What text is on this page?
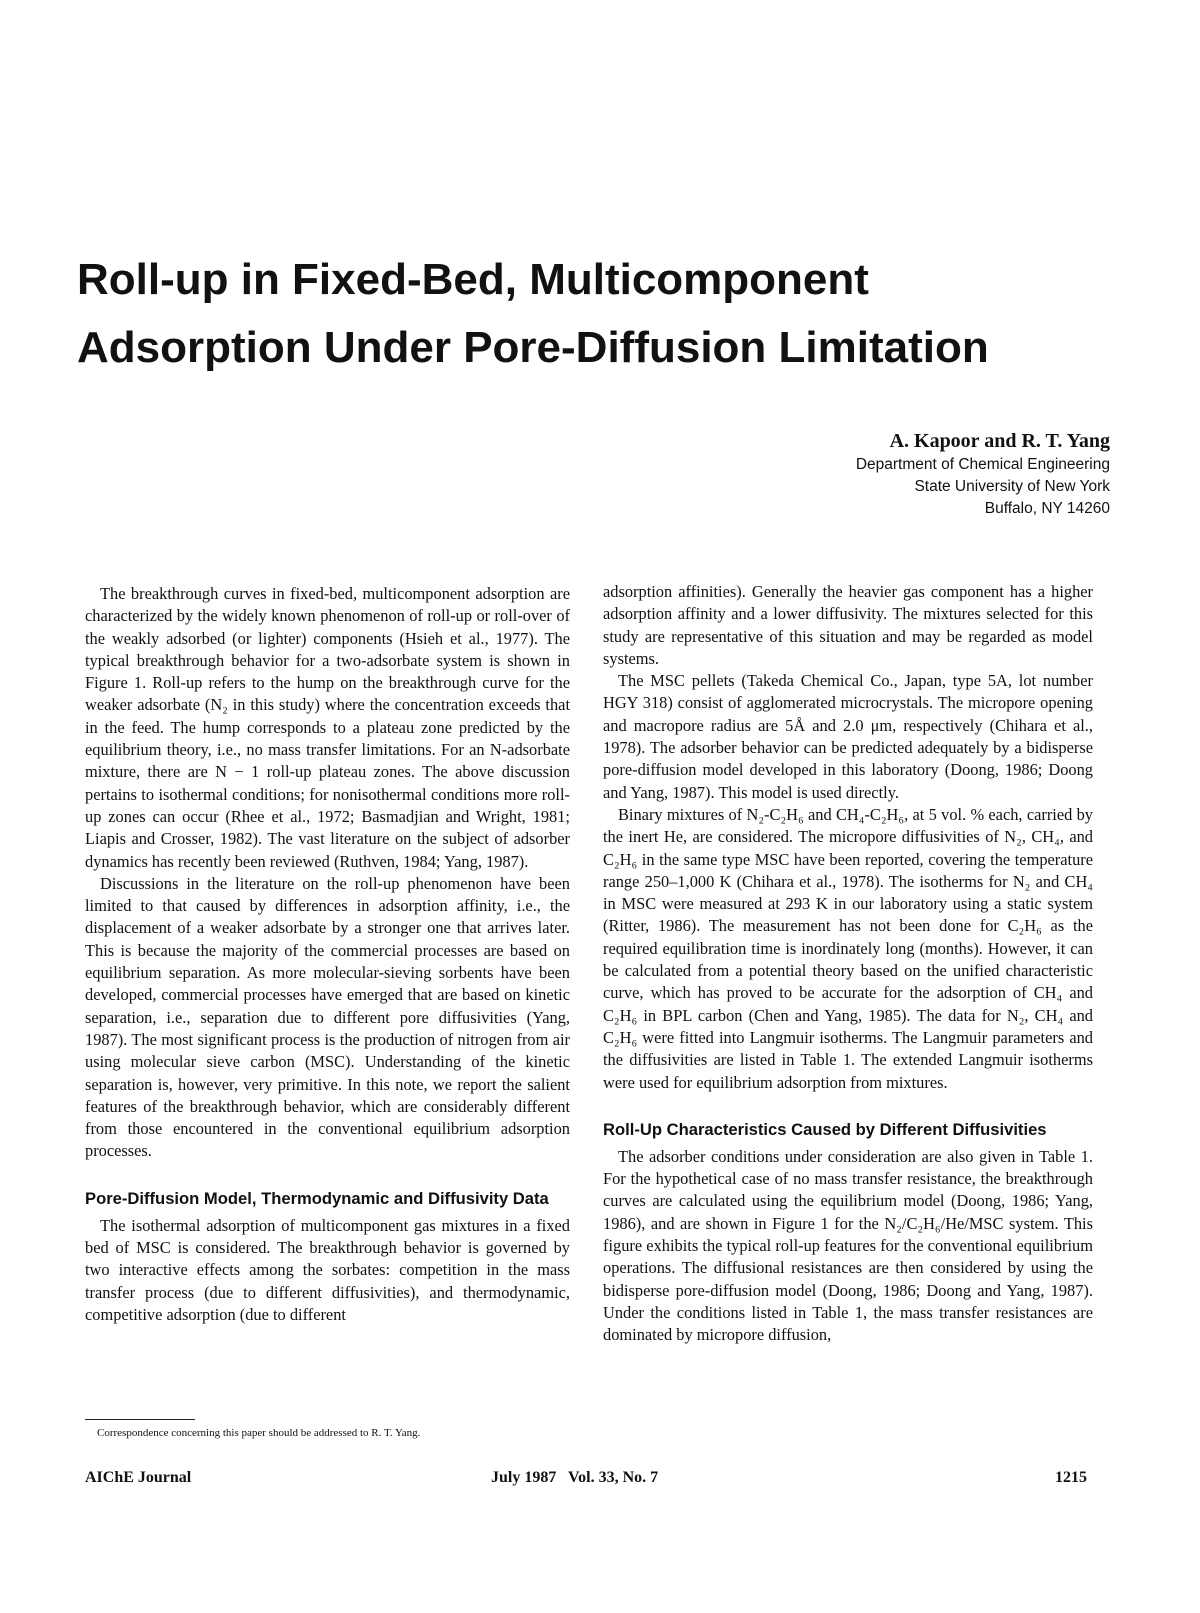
Roll-up in Fixed-Bed, Multicomponent
Adsorption Under Pore-Diffusion Limitation
A. Kapoor and R. T. Yang
Department of Chemical Engineering
State University of New York
Buffalo, NY 14260

The breakthrough curves in fixed-bed, multicomponent adsorption are characterized by the widely known phenomenon of roll-up or roll-over of the weakly adsorbed (or lighter) components (Hsieh et al., 1977). The typical breakthrough behavior for a two-adsorbate system is shown in Figure 1. Roll-up refers to the hump on the breakthrough curve for the weaker adsorbate (N₂ in this study) where the concentration exceeds that in the feed. The hump corresponds to a plateau zone predicted by the equilibrium theory, i.e., no mass transfer limitations. For an N-adsorbate mixture, there are N − 1 roll-up plateau zones. The above discussion pertains to isothermal conditions; for nonisothermal conditions more roll-up zones can occur (Rhee et al., 1972; Basmadjian and Wright, 1981; Liapis and Crosser, 1982). The vast literature on the subject of adsorber dynamics has recently been reviewed (Ruthven, 1984; Yang, 1987).

Discussions in the literature on the roll-up phenomenon have been limited to that caused by differences in adsorption affinity, i.e., the displacement of a weaker adsorbate by a stronger one that arrives later. This is because the majority of the commercial processes are based on equilibrium separation. As more molecular-sieving sorbents have been developed, commercial processes have emerged that are based on kinetic separation, i.e., separation due to different pore diffusivities (Yang, 1987). The most significant process is the production of nitrogen from air using molecular sieve carbon (MSC). Understanding of the kinetic separation is, however, very primitive. In this note, we report the salient features of the breakthrough behavior, which are considerably different from those encountered in the conventional equilibrium adsorption processes.

Pore-Diffusion Model, Thermodynamic and Diffusivity Data

The isothermal adsorption of multicomponent gas mixtures in a fixed bed of MSC is considered. The breakthrough behavior is governed by two interactive effects among the sorbates: competition in the mass transfer process (due to different diffusivities), and thermodynamic, competitive adsorption (due to different

adsorption affinities). Generally the heavier gas component has a higher adsorption affinity and a lower diffusivity. The mixtures selected for this study are representative of this situation and may be regarded as model systems.

The MSC pellets (Takeda Chemical Co., Japan, type 5A, lot number HGY 318) consist of agglomerated microcrystals. The micropore opening and macropore radius are 5Å and 2.0 μm, respectively (Chihara et al., 1978). The adsorber behavior can be predicted adequately by a bidisperse pore-diffusion model developed in this laboratory (Doong, 1986; Doong and Yang, 1987). This model is used directly.

Binary mixtures of N₂-C₂H₆ and CH₄-C₂H₆, at 5 vol. % each, carried by the inert He, are considered. The micropore diffusivities of N₂, CH₄, and C₂H₆ in the same type MSC have been reported, covering the temperature range 250–1,000 K (Chihara et al., 1978). The isotherms for N₂ and CH₄ in MSC were measured at 293 K in our laboratory using a static system (Ritter, 1986). The measurement has not been done for C₂H₆ as the required equilibration time is inordinately long (months). However, it can be calculated from a potential theory based on the unified characteristic curve, which has proved to be accurate for the adsorption of CH₄ and C₂H₆ in BPL carbon (Chen and Yang, 1985). The data for N₂, CH₄ and C₂H₆ were fitted into Langmuir isotherms. The Langmuir parameters and the diffusivities are listed in Table 1. The extended Langmuir isotherms were used for equilibrium adsorption from mixtures.

Roll-Up Characteristics Caused by Different Diffusivities

The adsorber conditions under consideration are also given in Table 1. For the hypothetical case of no mass transfer resistance, the breakthrough curves are calculated using the equilibrium model (Doong, 1986; Yang, 1986), and are shown in Figure 1 for the N₂/C₂H₆/He/MSC system. This figure exhibits the typical roll-up features for the conventional equilibrium operations. The diffusional resistances are then considered by using the bidisperse pore-diffusion model (Doong, 1986; Doong and Yang, 1987). Under the conditions listed in Table 1, the mass transfer resistances are dominated by micropore diffusion,

Correspondence concerning this paper should be addressed to R. T. Yang.
AIChE Journal	July 1987   Vol. 33, No. 7	1215
